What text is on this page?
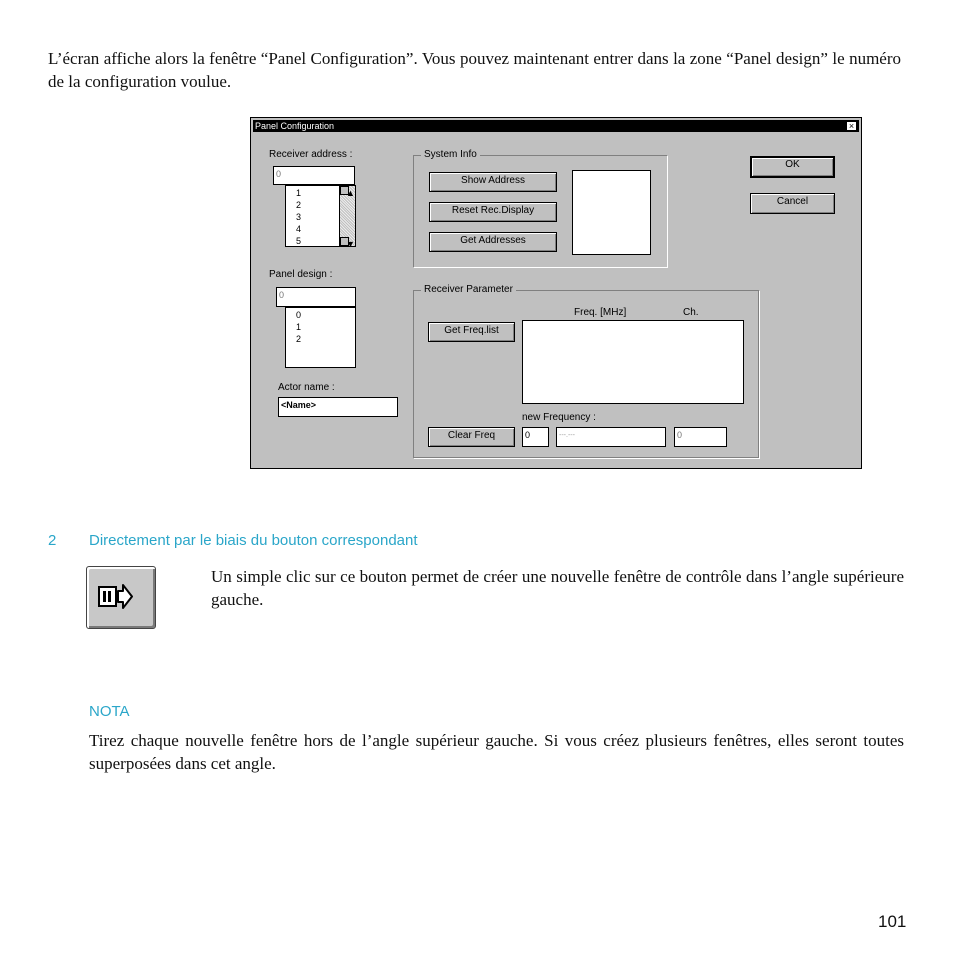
L’écran affiche alors la fenêtre “Panel Configuration”. Vous pouvez maintenant entrer dans la zone “Panel design” le numéro de la configuration voulue.

Panel Configuration	×
Receiver address :
0
1
2
3
4
5
▲
▼
System Info
Show Address
Reset Rec.Display
Get Addresses
OK
Cancel
Panel design :
0
0
1
2
Actor name :
<Name>
Receiver Parameter
Freq. [MHz]	Ch.
Get Freq.list
new Frequency :
Clear Freq	0	---.---	0
2 Directement par le biais du bouton correspondant

Un simple clic sur ce bouton permet de créer une nouvelle fenêtre de contrôle dans l’angle supérieure gauche.

NOTA

Tirez chaque nouvelle fenêtre hors de l’angle supérieur gauche. Si vous créez plusieurs fenêtres, elles seront toutes superposées dans cet angle.

101
